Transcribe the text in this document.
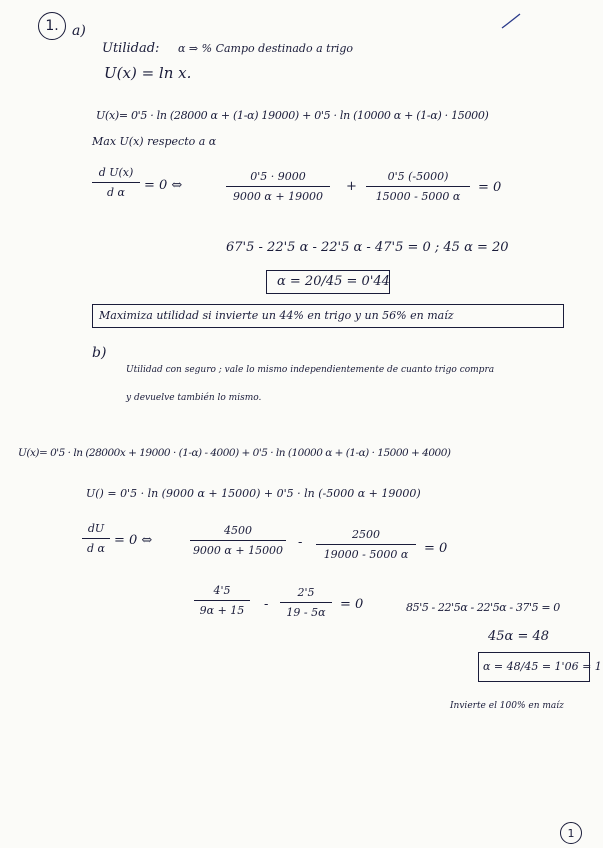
1. a)
Utilidad: α ⇒ % Campo destinado a trigo
U(x) = ln x.
U(x)= 0'5 · ln (28000 α + (1-α) 19000) + 0'5 · ln (10000 α + (1-α) · 15000)
Max U(x) respecto a α
d U(x)
d α	= 0 ⇔
0'5 · 9000
9000 α + 19000
+
0'5 (-5000)
15000 - 5000 α
= 0
67'5 - 22'5 α - 22'5 α - 47'5 = 0 ; 45 α = 20
α = 20/45 = 0'44
Maximiza utilidad si invierte un 44% en trigo y un 56% en maíz
b)
Utilidad con seguro ; vale lo mismo independientemente de cuanto trigo compra
y devuelve también lo mismo.
U(x)= 0'5 · ln (28000x + 19000 · (1-α) - 4000) + 0'5 · ln (10000 α + (1-α) · 15000 + 4000)
U() = 0'5 · ln (9000 α + 15000) + 0'5 · ln (-5000 α + 19000)
dU
d α
= 0 ⇔
4500
9000 α + 15000
-
2500
19000 - 5000 α	= 0
4'5
9α + 15	-
2'5
19 - 5α
= 0	85'5 - 22'5α - 22'5α - 37'5 = 0
45α = 48
α = 48/45 = 1'06 = 1
Invierte el 100% en maíz
1
